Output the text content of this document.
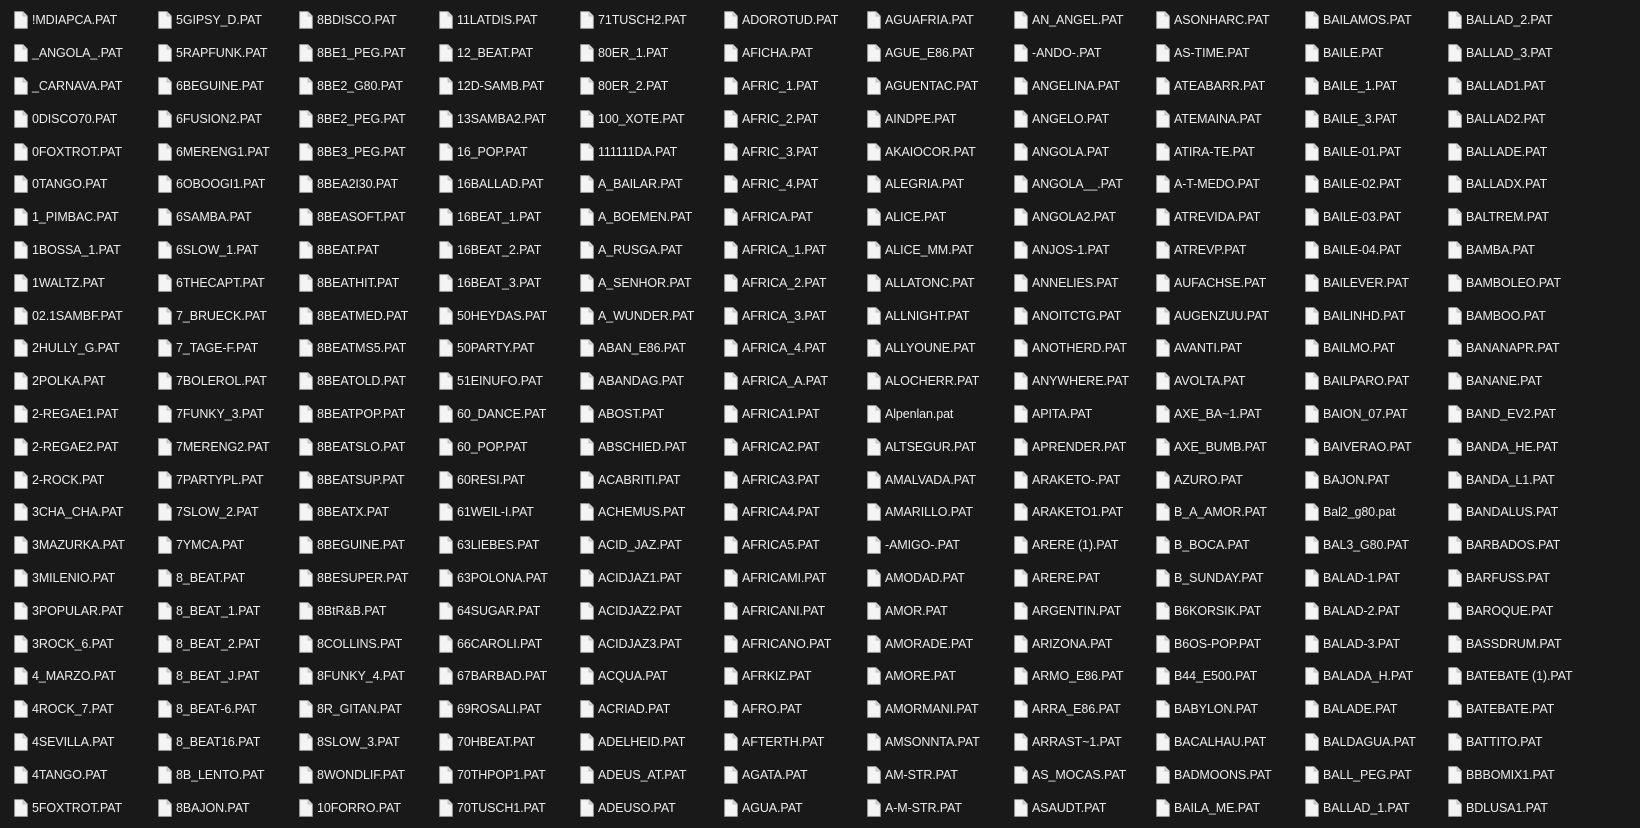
!MDIAPCA.PAT
_ANGOLA_.PAT
_CARNAVA.PAT
0DISCO70.PAT
0FOXTROT.PAT
0TANGO.PAT
1_PIMBAC.PAT
1BOSSA_1.PAT
1WALTZ.PAT
02.1SAMBF.PAT
2HULLY_G.PAT
2POLKA.PAT
2-REGAE1.PAT
2-REGAE2.PAT
2-ROCK.PAT
3CHA_CHA.PAT
3MAZURKA.PAT
3MILENIO.PAT
3POPULAR.PAT
3ROCK_6.PAT
4_MARZO.PAT
4ROCK_7.PAT
4SEVILLA.PAT
4TANGO.PAT
5FOXTROT.PAT
5GIPSY_D.PAT
5RAPFUNK.PAT
6BEGUINE.PAT
6FUSION2.PAT
6MERENG1.PAT
6OBOOGI1.PAT
6SAMBA.PAT
6SLOW_1.PAT
6THECAPT.PAT
7_BRUECK.PAT
7_TAGE-F.PAT
7BOLEROL.PAT
7FUNKY_3.PAT
7MERENG2.PAT
7PARTYPL.PAT
7SLOW_2.PAT
7YMCA.PAT
8_BEAT.PAT
8_BEAT_1.PAT
8_BEAT_2.PAT
8_BEAT_J.PAT
8_BEAT-6.PAT
8_BEAT16.PAT
8B_LENTO.PAT
8BAJON.PAT
8BDISCO.PAT
8BE1_PEG.PAT
8BE2_G80.PAT
8BE2_PEG.PAT
8BE3_PEG.PAT
8BEA2I30.PAT
8BEASOFT.PAT
8BEAT.PAT
8BEATHIT.PAT
8BEATMED.PAT
8BEATMS5.PAT
8BEATOLD.PAT
8BEATPOP.PAT
8BEATSLO.PAT
8BEATSUP.PAT
8BEATX.PAT
8BEGUINE.PAT
8BESUPER.PAT
8BtR&B.PAT
8COLLINS.PAT
8FUNKY_4.PAT
8R_GITAN.PAT
8SLOW_3.PAT
8WONDLIF.PAT
10FORRO.PAT
11LATDIS.PAT
12_BEAT.PAT
12D-SAMB.PAT
13SAMBA2.PAT
16_POP.PAT
16BALLAD.PAT
16BEAT_1.PAT
16BEAT_2.PAT
16BEAT_3.PAT
50HEYDAS.PAT
50PARTY.PAT
51EINUFO.PAT
60_DANCE.PAT
60_POP.PAT
60RESI.PAT
61WEIL-I.PAT
63LIEBES.PAT
63POLONA.PAT
64SUGAR.PAT
66CAROLI.PAT
67BARBAD.PAT
69ROSALI.PAT
70HBEAT.PAT
70THPOP1.PAT
70TUSCH1.PAT
71TUSCH2.PAT
80ER_1.PAT
80ER_2.PAT
100_XOTE.PAT
111111DA.PAT
A_BAILAR.PAT
A_BOEMEN.PAT
A_RUSGA.PAT
A_SENHOR.PAT
A_WUNDER.PAT
ABAN_E86.PAT
ABANDAG.PAT
ABOST.PAT
ABSCHIED.PAT
ACABRITI.PAT
ACHEMUS.PAT
ACID_JAZ.PAT
ACIDJAZ1.PAT
ACIDJAZ2.PAT
ACIDJAZ3.PAT
ACQUA.PAT
ACRIAD.PAT
ADELHEID.PAT
ADEUS_AT.PAT
ADEUSO.PAT
ADOROTUD.PAT
AFICHA.PAT
AFRIC_1.PAT
AFRIC_2.PAT
AFRIC_3.PAT
AFRIC_4.PAT
AFRICA.PAT
AFRICA_1.PAT
AFRICA_2.PAT
AFRICA_3.PAT
AFRICA_4.PAT
AFRICA_A.PAT
AFRICA1.PAT
AFRICA2.PAT
AFRICA3.PAT
AFRICA4.PAT
AFRICA5.PAT
AFRICAMI.PAT
AFRICANI.PAT
AFRICANO.PAT
AFRKIZ.PAT
AFRO.PAT
AFTERTH.PAT
AGATA.PAT
AGUA.PAT
AGUAFRIA.PAT
AGUE_E86.PAT
AGUENTAC.PAT
AINDPE.PAT
AKAIOCOR.PAT
ALEGRIA.PAT
ALICE.PAT
ALICE_MM.PAT
ALLATONC.PAT
ALLNIGHT.PAT
ALLYOUNE.PAT
ALOCHERR.PAT
Alpenlan.pat
ALTSEGUR.PAT
AMALVADA.PAT
AMARILLO.PAT
-AMIGO-.PAT
AMODAD.PAT
AMOR.PAT
AMORADE.PAT
AMORE.PAT
AMORMANI.PAT
AMSONNTA.PAT
AM-STR.PAT
A-M-STR.PAT
AN_ANGEL.PAT
-ANDO-.PAT
ANGELINA.PAT
ANGELO.PAT
ANGOLA.PAT
ANGOLA__.PAT
ANGOLA2.PAT
ANJOS-1.PAT
ANNELIES.PAT
ANOITCTG.PAT
ANOTHERD.PAT
ANYWHERE.PAT
APITA.PAT
APRENDER.PAT
ARAKETO-.PAT
ARAKETO1.PAT
ARERE (1).PAT
ARERE.PAT
ARGENTIN.PAT
ARIZONA.PAT
ARMO_E86.PAT
ARRA_E86.PAT
ARRAST~1.PAT
AS_MOCAS.PAT
ASAUDT.PAT
ASONHARC.PAT
AS-TIME.PAT
ATEABARR.PAT
ATEMAINA.PAT
ATIRA-TE.PAT
A-T-MEDO.PAT
ATREVIDA.PAT
ATREVP.PAT
AUFACHSE.PAT
AUGENZUU.PAT
AVANTI.PAT
AVOLTA.PAT
AXE_BA~1.PAT
AXE_BUMB.PAT
AZURO.PAT
B_A_AMOR.PAT
B_BOCA.PAT
B_SUNDAY.PAT
B6KORSIK.PAT
B6OS-POP.PAT
B44_E500.PAT
BABYLON.PAT
BACALHAU.PAT
BADMOONS.PAT
BAILA_ME.PAT
BAILAMOS.PAT
BAILE.PAT
BAILE_1.PAT
BAILE_3.PAT
BAILE-01.PAT
BAILE-02.PAT
BAILE-03.PAT
BAILE-04.PAT
BAILEVER.PAT
BAILINHD.PAT
BAILMO.PAT
BAILPARO.PAT
BAION_07.PAT
BAIVERAO.PAT
BAJON.PAT
Bal2_g80.pat
BAL3_G80.PAT
BALAD-1.PAT
BALAD-2.PAT
BALAD-3.PAT
BALADA_H.PAT
BALADE.PAT
BALDAGUA.PAT
BALL_PEG.PAT
BALLAD_1.PAT
BALLAD_2.PAT
BALLAD_3.PAT
BALLAD1.PAT
BALLAD2.PAT
BALLADE.PAT
BALLADX.PAT
BALTREM.PAT
BAMBA.PAT
BAMBOLEO.PAT
BAMBOO.PAT
BANANAPR.PAT
BANANE.PAT
BAND_EV2.PAT
BANDA_HE.PAT
BANDA_L1.PAT
BANDALUS.PAT
BARBADOS.PAT
BARFUSS.PAT
BAROQUE.PAT
BASSDRUM.PAT
BATEBATE (1).PAT
BATEBATE.PAT
BATTITO.PAT
BBBOMIX1.PAT
BDLUSA1.PAT
